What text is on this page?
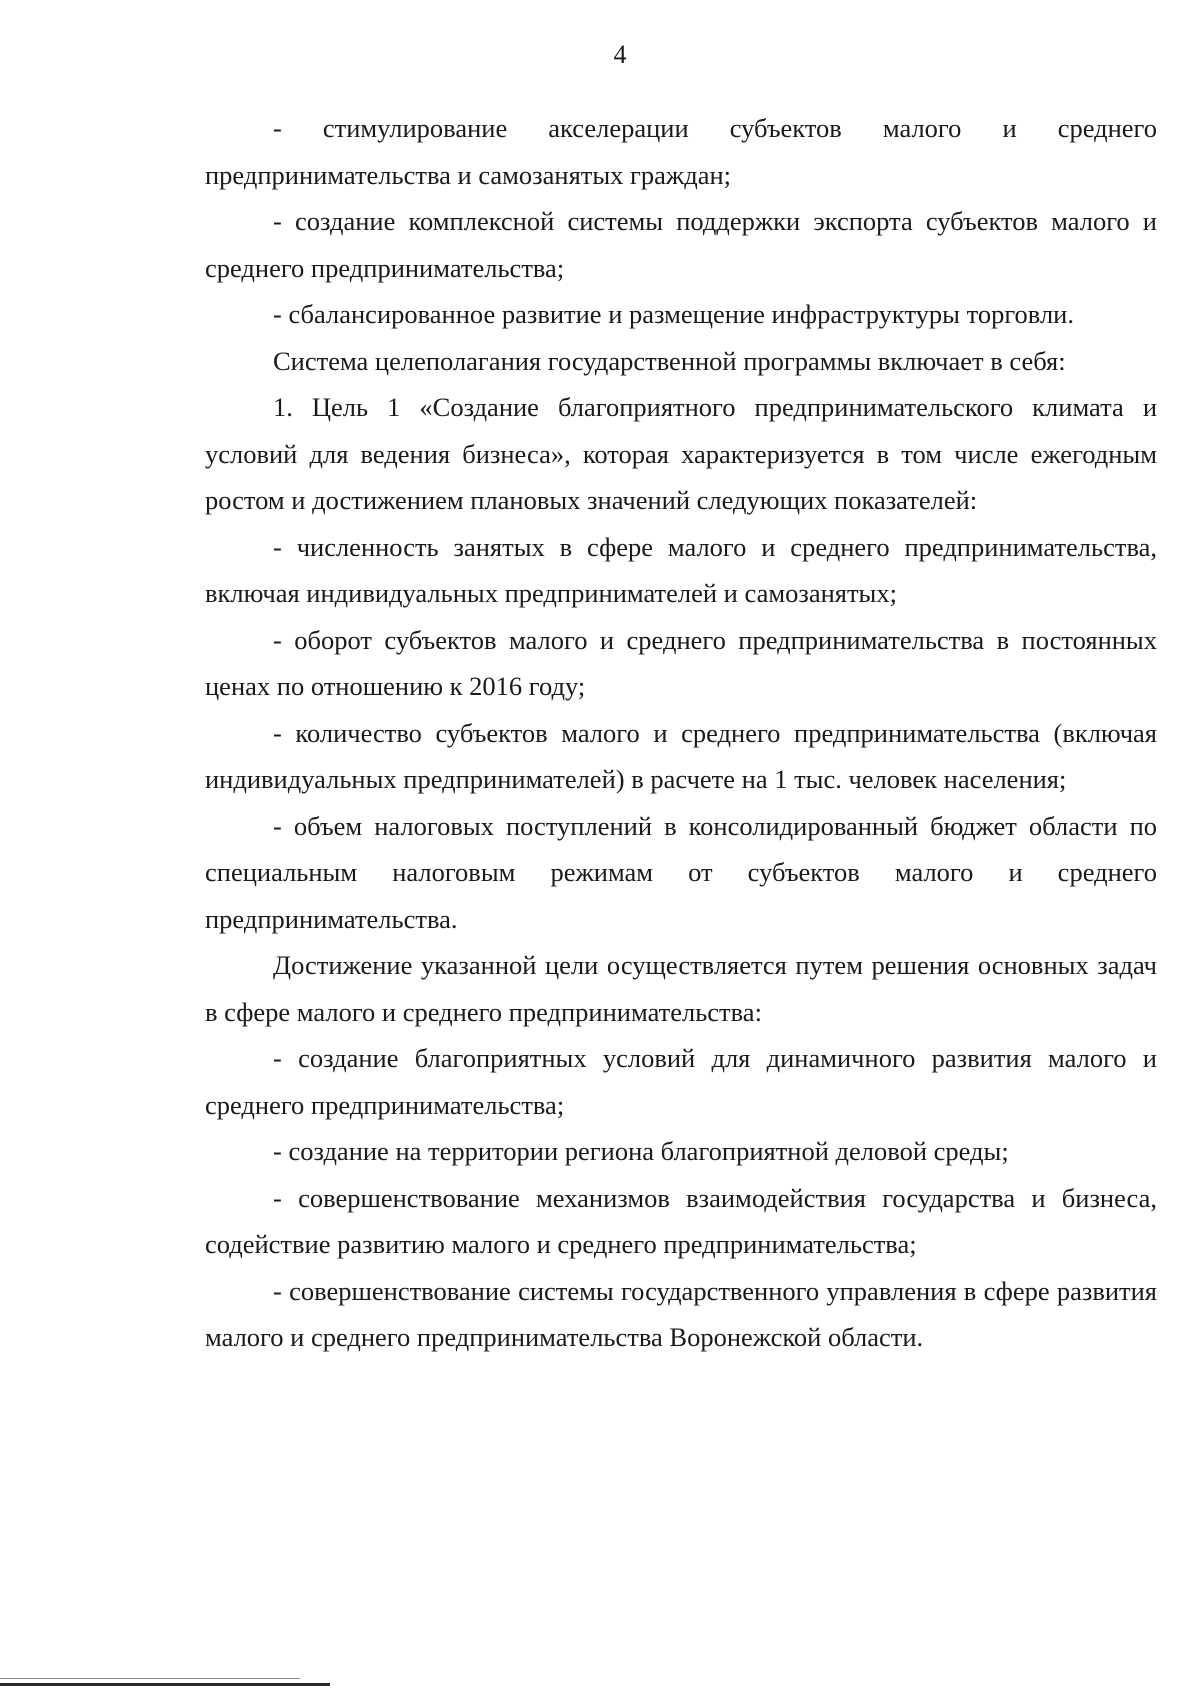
4

- стимулирование акселерации субъектов малого и среднего предпринимательства и самозанятых граждан;

- создание комплексной системы поддержки экспорта субъектов малого и среднего предпринимательства;

- сбалансированное развитие и размещение инфраструктуры торговли.

Система целеполагания государственной программы включает в себя:

1. Цель 1 «Создание благоприятного предпринимательского климата и условий для ведения бизнеса», которая характеризуется в том числе ежегодным ростом и достижением плановых значений следующих показателей:

- численность занятых в сфере малого и среднего предпринимательства, включая индивидуальных предпринимателей и самозанятых;

- оборот субъектов малого и среднего предпринимательства в постоянных ценах по отношению к 2016 году;

- количество субъектов малого и среднего предпринимательства (включая индивидуальных предпринимателей) в расчете на 1 тыс. человек населения;

- объем налоговых поступлений в консолидированный бюджет области по специальным налоговым режимам от субъектов малого и среднего предпринимательства.

Достижение указанной цели осуществляется путем решения основных задач в сфере малого и среднего предпринимательства:

- создание благоприятных условий для динамичного развития малого и среднего предпринимательства;

- создание на территории региона благоприятной деловой среды;

- совершенствование механизмов взаимодействия государства и бизнеса, содействие развитию малого и среднего предпринимательства;

- совершенствование системы государственного управления в сфере развития малого и среднего предпринимательства Воронежской области.
